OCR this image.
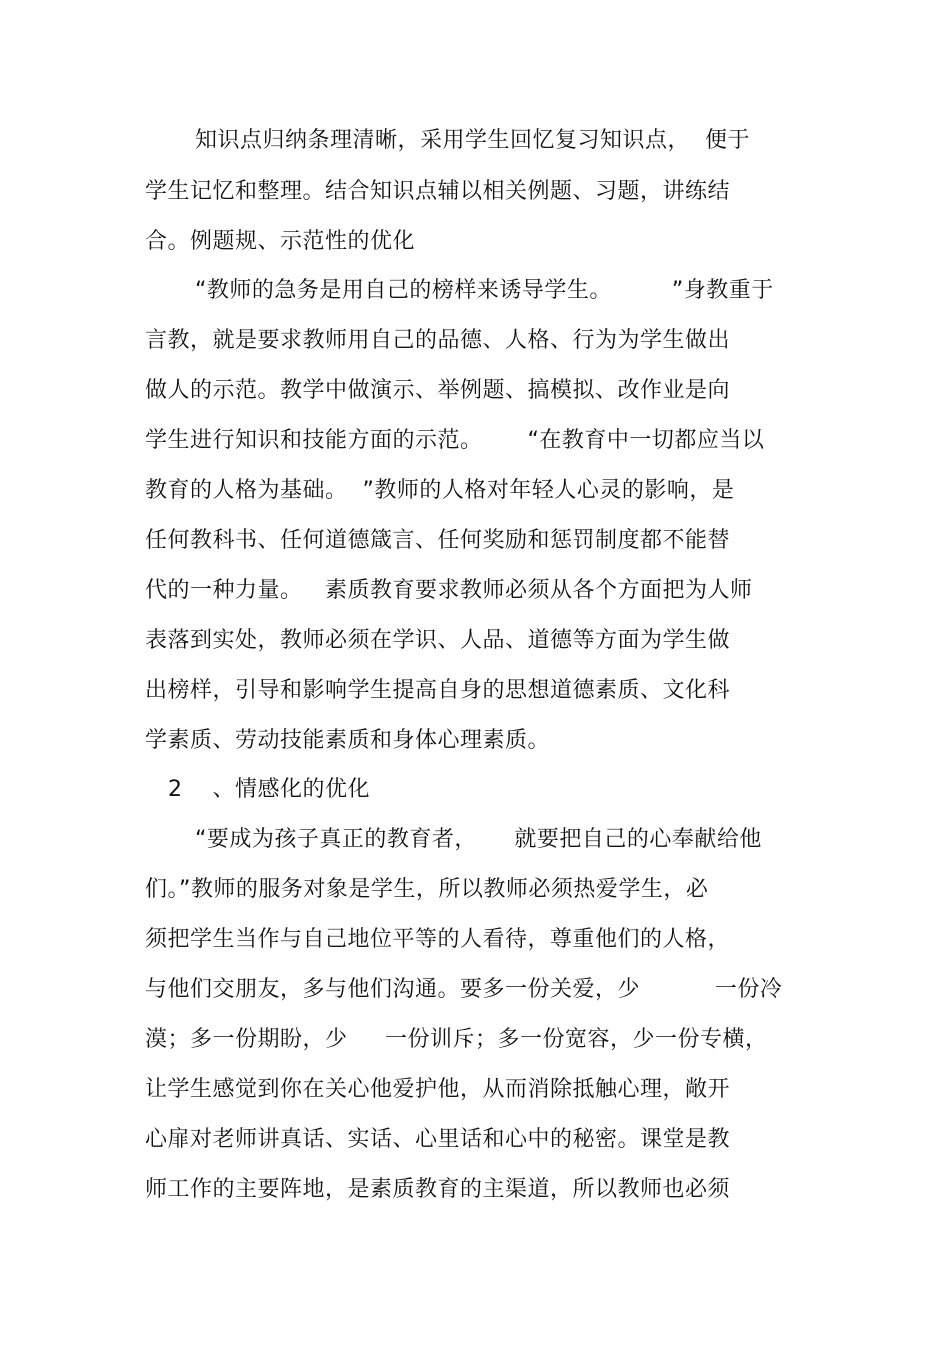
知识点归纳条理清晰，采用学生回忆复习知识点，  便于
学生记忆和整理。结合知识点辅以相关例题、习题，讲练结
合。例题规、示范性的优化
“教师的急务是用自己的榜样来诱导学生。        ”身教重于
言教，就是要求教师用自己的品德、人格、行为为学生做出
做人的示范。教学中做演示、举例题、搞模拟、改作业是向
学生进行知识和技能方面的示范。      “在教育中一切都应当以
教育的人格为基础。  ”教师的人格对年轻人心灵的影响，是
任何教科书、任何道德箴言、任何奖励和惩罚制度都不能替
代的一种力量。   素质教育要求教师必须从各个方面把为人师
表落到实处，教师必须在学识、人品、道德等方面为学生做
出榜样，引导和影响学生提高自身的思想道德素质、文化科
学素质、劳动技能素质和身体心理素质。
2    、情感化的优化
“要成为孩子真正的教育者，     就要把自己的心奉献给他
们。”教师的服务对象是学生，所以教师必须热爱学生，必
须把学生当作与自己地位平等的人看待，尊重他们的人格，
与他们交朋友，多与他们沟通。要多一份关爱，少          一份冷
漠；多一份期盼，少     一份训斥；多一份宽容，少一份专横，
让学生感觉到你在关心他爱护他，从而消除抵触心理，敞开
心扉对老师讲真话、实话、心里话和心中的秘密。课堂是教
师工作的主要阵地，是素质教育的主渠道，所以教师也必须
